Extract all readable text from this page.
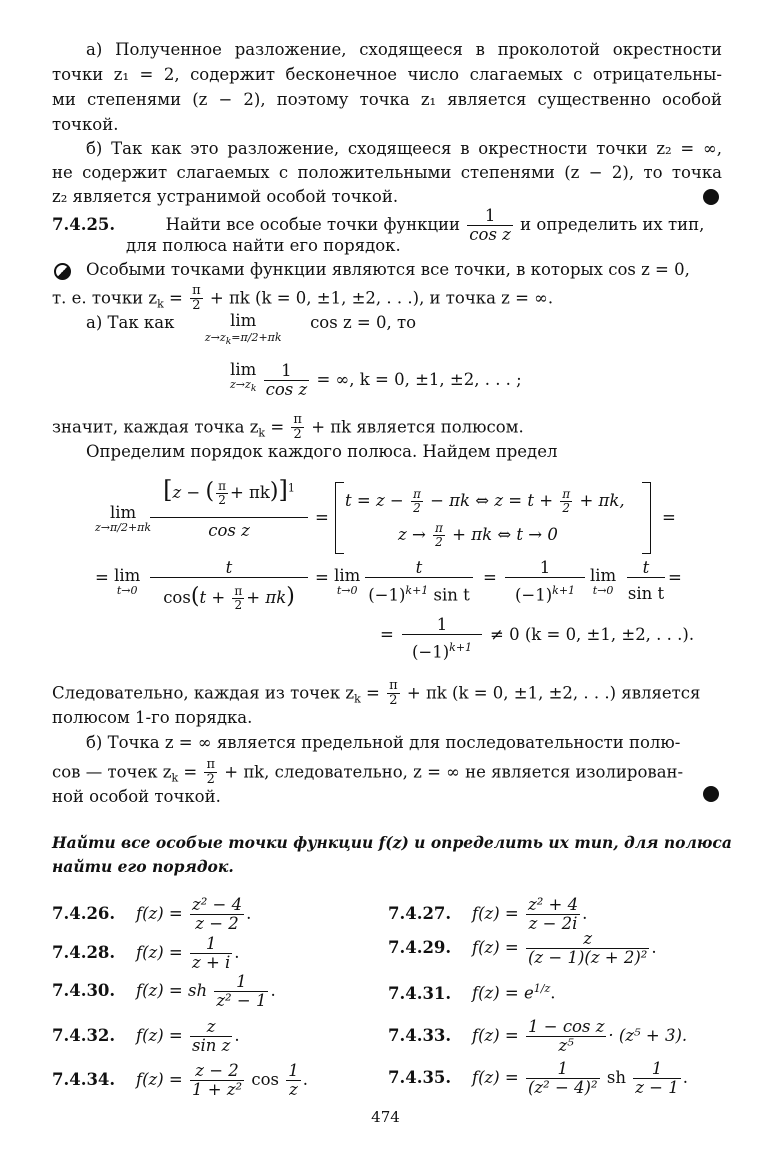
а) Полученное разложение, сходящееся в проколотой окрестности
точки z₁ = 2, содержит бесконечное число слагаемых с отрицательны-
ми степенями (z − 2), поэтому точка z₁ является существенно особой
точкой.
б) Так как это разложение, сходящееся в окрестности точки z₂ = ∞,
не содержит слагаемых с положительными степенями (z − 2), то точка
z₂ является устранимой особой точкой.
7.4.25.	Найти все особые точки функции $\frac{1}{\text{cos z}}$ и определить их тип,
для полюса найти его порядок.
Особыми точками функции являются все точки, в которых cos z = 0,
т. е. точки $z_k = \frac{\pi}{2} + \pi k$ (k = 0, ±1, ±2, . . .), и точка z = ∞.
а) Так как	lim
$z\to z_k=\pi/2+\pi k$
cos z = 0, то
lim
$z\to z_k$
$\frac{1}{\text{cos z}}$ = ∞, k = 0, ±1, ±2, . . . ;
значит, каждая точка $z_k = \frac{\pi}{2} + \pi k$ является полюсом.
Определим порядок каждого полюса. Найдем предел
lim
z→π/2+πk
[z − ( $\frac{\pi}{2} + \pi k)]^1$
cos z
=
$t = z - \frac{\pi}{2} - \pi k$ ⇔ $z = t + \frac{\pi}{2} + \pi k$,
$z \to \frac{\pi}{2} + \pi k$ ⇔ t → 0
=
= lim
t→0
t
$\cos(t + \frac{\pi}{2} + \pi k)$
= lim
t→0
t
$(-1)^{k+1}$ sin t
=
1
$(-1)^{k+1}$
lim
t→0
t
sin t
=
=
1
$(-1)^{k+1}$
≠ 0 (k = 0, ±1, ±2, . . .).
Следовательно, каждая из точек $z_k = \frac{\pi}{2} + \pi k$ (k = 0, ±1, ±2, . . .) является
полюсом 1-го порядка.
б) Точка z = ∞ является предельной для последовательности полю-
сов — точек $z_k = \frac{\pi}{2} + \pi k$, следовательно, z = ∞ не является изолирован-
ной особой точкой.
Найти все особые точки функции f(z) и определить их тип, для полюса
найти его порядок.
7.4.26. $f(z) = \frac{\text{z² − 4}}{z - 2}$ .	7.4.27. $f(z) = \frac{\text{z² + 4}}{z - 2i}$ .
7.4.28. $f(z) = \frac{1}{z + i}$ .	7.4.29. $f(z) = \frac{z}{\text{(z − 1)(z + 2)²}}$ .
7.4.30. f(z) = sh $\frac{1}{\text{z² − 1}}$ .	7.4.31. $f(z) = e^{1/z}$.
7.4.32. $f(z) = \frac{z}{\text{sin z}}$ .	7.4.33. $f(z) = \frac{\text{1 − cos z}}{\text{z⁵}} \cdot (z^5 + 3)$.
7.4.34. $f(z) = \frac{z - 2}{\text{1 + z²}}$ $\cos \frac{1}{z}$ .	7.4.35. $f(z) = \frac{1}{\text{(z² − 4)²}}$ sh $\frac{1}{z - 1}$ .
474
